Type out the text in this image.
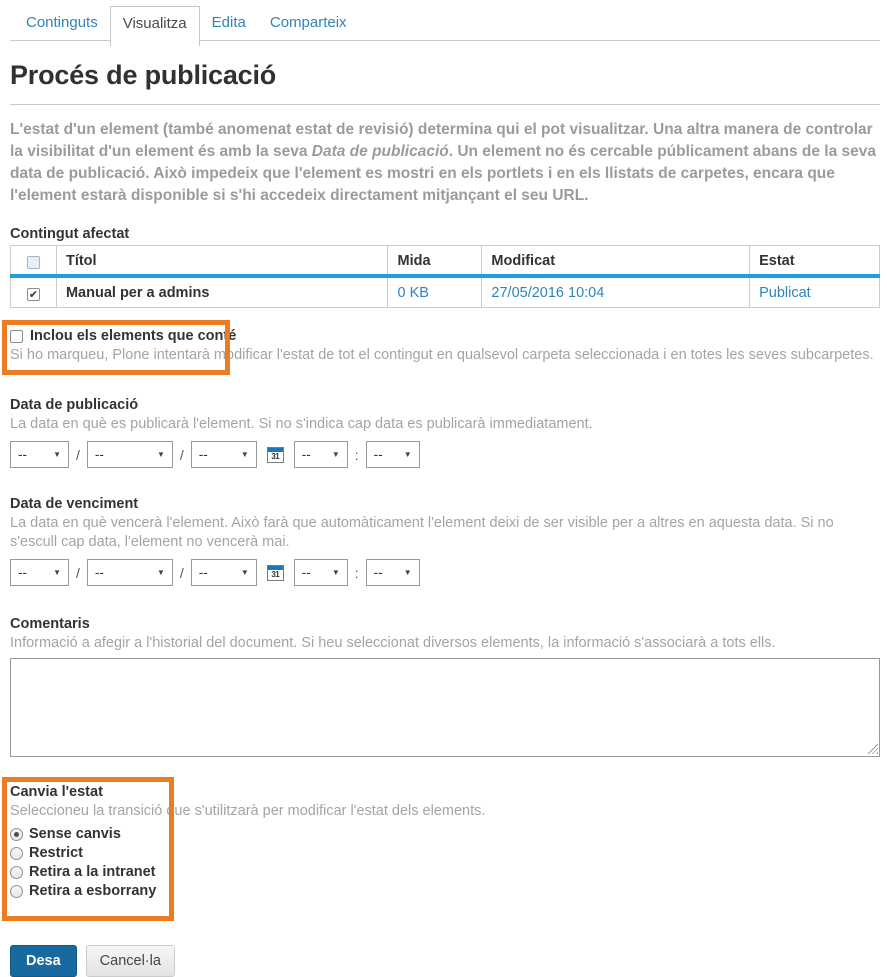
Continguts	Visualitza	Edita	Comparteix
Procés de publicació

L'estat d'un element (també anomenat estat de revisió) determina qui el pot visualitzar. Una altra manera de controlar la visibilitat d'un element és amb la seva Data de publicació. Un element no és cercable públicament abans de la seva data de publicació. Això impedeix que l'element es mostri en els portlets i en els llistats de carpetes, encara que l'element estarà disponible si s'hi accedeix directament mitjançant el seu URL.

Contingut afectat
	Títol	Mida	Modificat	Estat
✔	Manual per a admins	0 KB	27/05/2016 10:04	Publicat

Inclou els elements que conté
Si ho marqueu, Plone intentarà modificar l'estat de tot el contingut en qualsevol carpeta seleccionada i en totes les seves subcarpetes.
Data de publicació
La data en què es publicarà l'element. Si no s'indica cap data es publicarà immediatament.
--	▼ / --	▼ / --	▼	31 --	▼ : --	▼
Data de venciment
La data en què vencerà l'element. Això farà que automàticament l'element deixi de ser visible per a altres en aquesta data. Si no s'escull cap data, l'element no vencerà mai.
--	▼ / --	▼ / --	▼	31 --	▼ : --	▼
Comentaris
Informació a afegir a l'historial del document. Si heu seleccionat diversos elements, la informació s'associarà a tots ells.
Canvia l'estat
Seleccioneu la transició que s'utilitzarà per modificar l'estat dels elements.
Sense canvis
Restrict
Retira a la intranet
Retira a esborrany
Desa	Cancel·la
